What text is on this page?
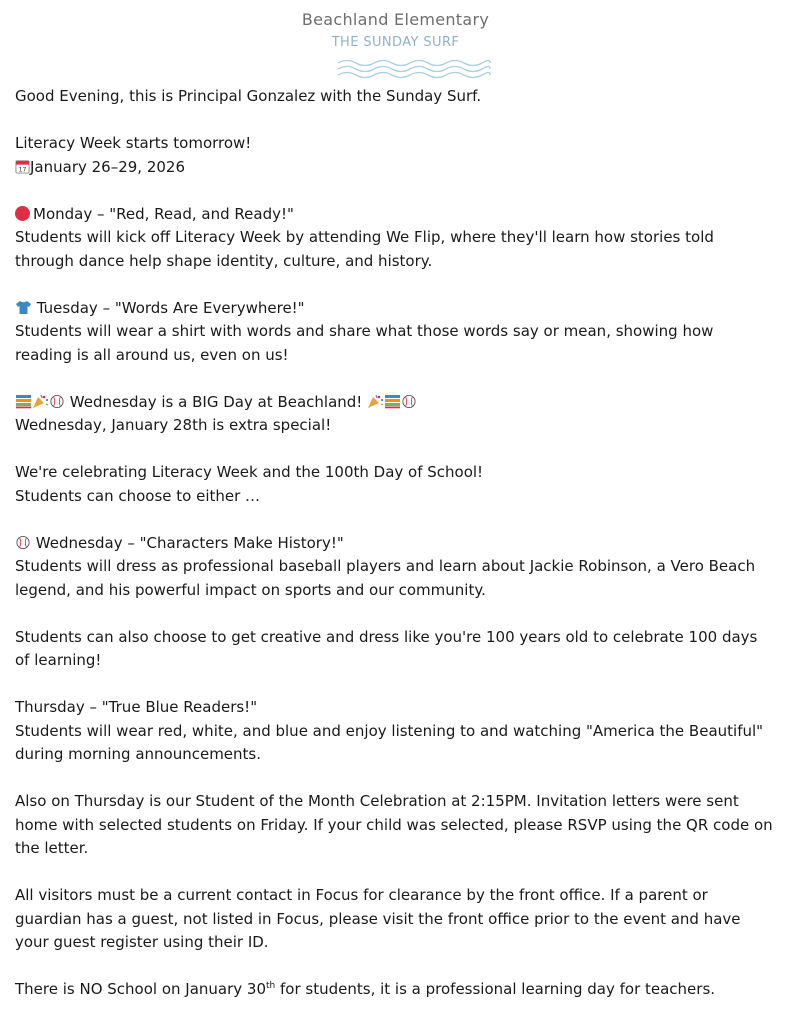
Beachland Elementary
THE SUNDAY SURF

Good Evening, this is Principal Gonzalez with the Sunday Surf.

Literacy Week starts tomorrow!

17 January 26–29, 2026

Monday – "Red, Read, and Ready!"

Students will kick off Literacy Week by attending We Flip, where they'll learn how stories told through dance help shape identity, culture, and history.

Tuesday – "Words Are Everywhere!"

Students will wear a shirt with words and share what those words say or mean, showing how reading is all around us, even on us!

Wednesday is a BIG Day at Beachland!

Wednesday, January 28th is extra special!

We're celebrating Literacy Week and the 100th Day of School!

Students can choose to either …

Wednesday – "Characters Make History!"

Students will dress as professional baseball players and learn about Jackie Robinson, a Vero Beach legend, and his powerful impact on sports and our community.

Students can also choose to get creative and dress like you're 100 years old to celebrate 100 days of learning!

Thursday – "True Blue Readers!"

Students will wear red, white, and blue and enjoy listening to and watching "America the Beautiful" during morning announcements.

Also on Thursday is our Student of the Month Celebration at 2:15PM. Invitation letters were sent home with selected students on Friday. If your child was selected, please RSVP using the QR code on the letter.

All visitors must be a current contact in Focus for clearance by the front office. If a parent or guardian has a guest, not listed in Focus, please visit the front office prior to the event and have your guest register using their ID.

There is NO School on January 30th for students, it is a professional learning day for teachers.
